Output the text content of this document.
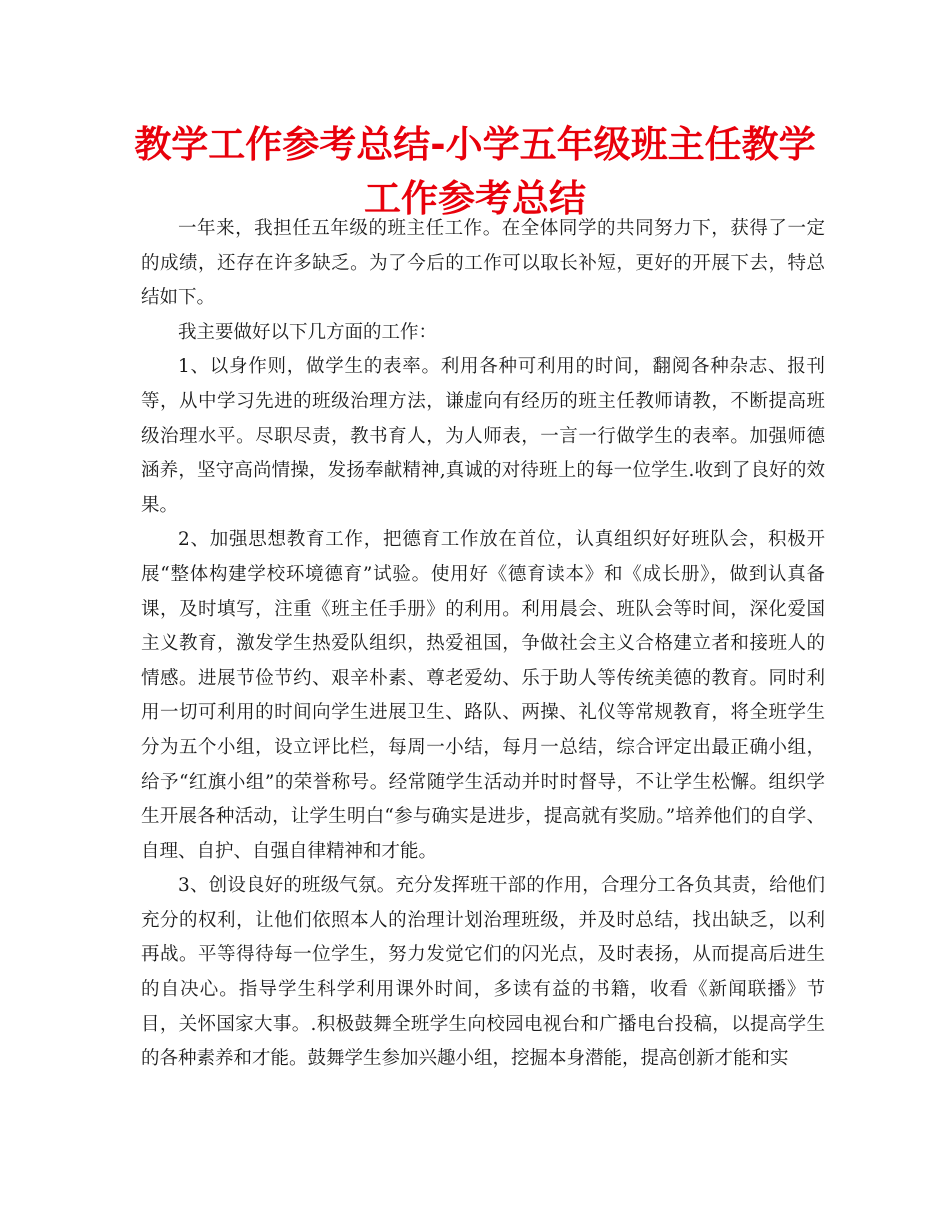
教学工作参考总结-小学五年级班主任教学工作参考总结

一年来，我担任五年级的班主任工作。在全体同学的共同努力下，获得了一定的成绩，还存在许多缺乏。为了今后的工作可以取长补短，更好的开展下去，特总结如下。

我主要做好以下几方面的工作：

1、以身作则，做学生的表率。利用各种可利用的时间，翻阅各种杂志、报刊等，从中学习先进的班级治理方法，谦虚向有经历的班主任教师请教，不断提高班级治理水平。尽职尽责，教书育人，为人师表，一言一行做学生的表率。加强师德涵养，坚守高尚情操，发扬奉献精神,真诚的对待班上的每一位学生.收到了良好的效果。

2、加强思想教育工作，把德育工作放在首位，认真组织好好班队会，积极开展“整体构建学校环境德育”试验。使用好《德育读本》和《成长册》，做到认真备课，及时填写，注重《班主任手册》的利用。利用晨会、班队会等时间，深化爱国主义教育，激发学生热爱队组织，热爱祖国，争做社会主义合格建立者和接班人的情感。进展节俭节约、艰辛朴素、尊老爱幼、乐于助人等传统美德的教育。同时利用一切可利用的时间向学生进展卫生、路队、两操、礼仪等常规教育，将全班学生分为五个小组，设立评比栏，每周一小结，每月一总结，综合评定出最正确小组，给予“红旗小组”的荣誉称号。经常随学生活动并时时督导，不让学生松懈。组织学生开展各种活动，让学生明白“参与确实是进步，提高就有奖励。”培养他们的自学、自理、自护、自强自律精神和才能。

3、创设良好的班级气氛。充分发挥班干部的作用，合理分工各负其责，给他们充分的权利，让他们依照本人的治理计划治理班级，并及时总结，找出缺乏，以利再战。平等得待每一位学生，努力发觉它们的闪光点，及时表扬，从而提高后进生的自决心。指导学生科学利用课外时间，多读有益的书籍，收看《新闻联播》节目，关怀国家大事。.积极鼓舞全班学生向校园电视台和广播电台投稿，以提高学生的各种素养和才能。鼓舞学生参加兴趣小组，挖掘本身潜能，提高创新才能和实
